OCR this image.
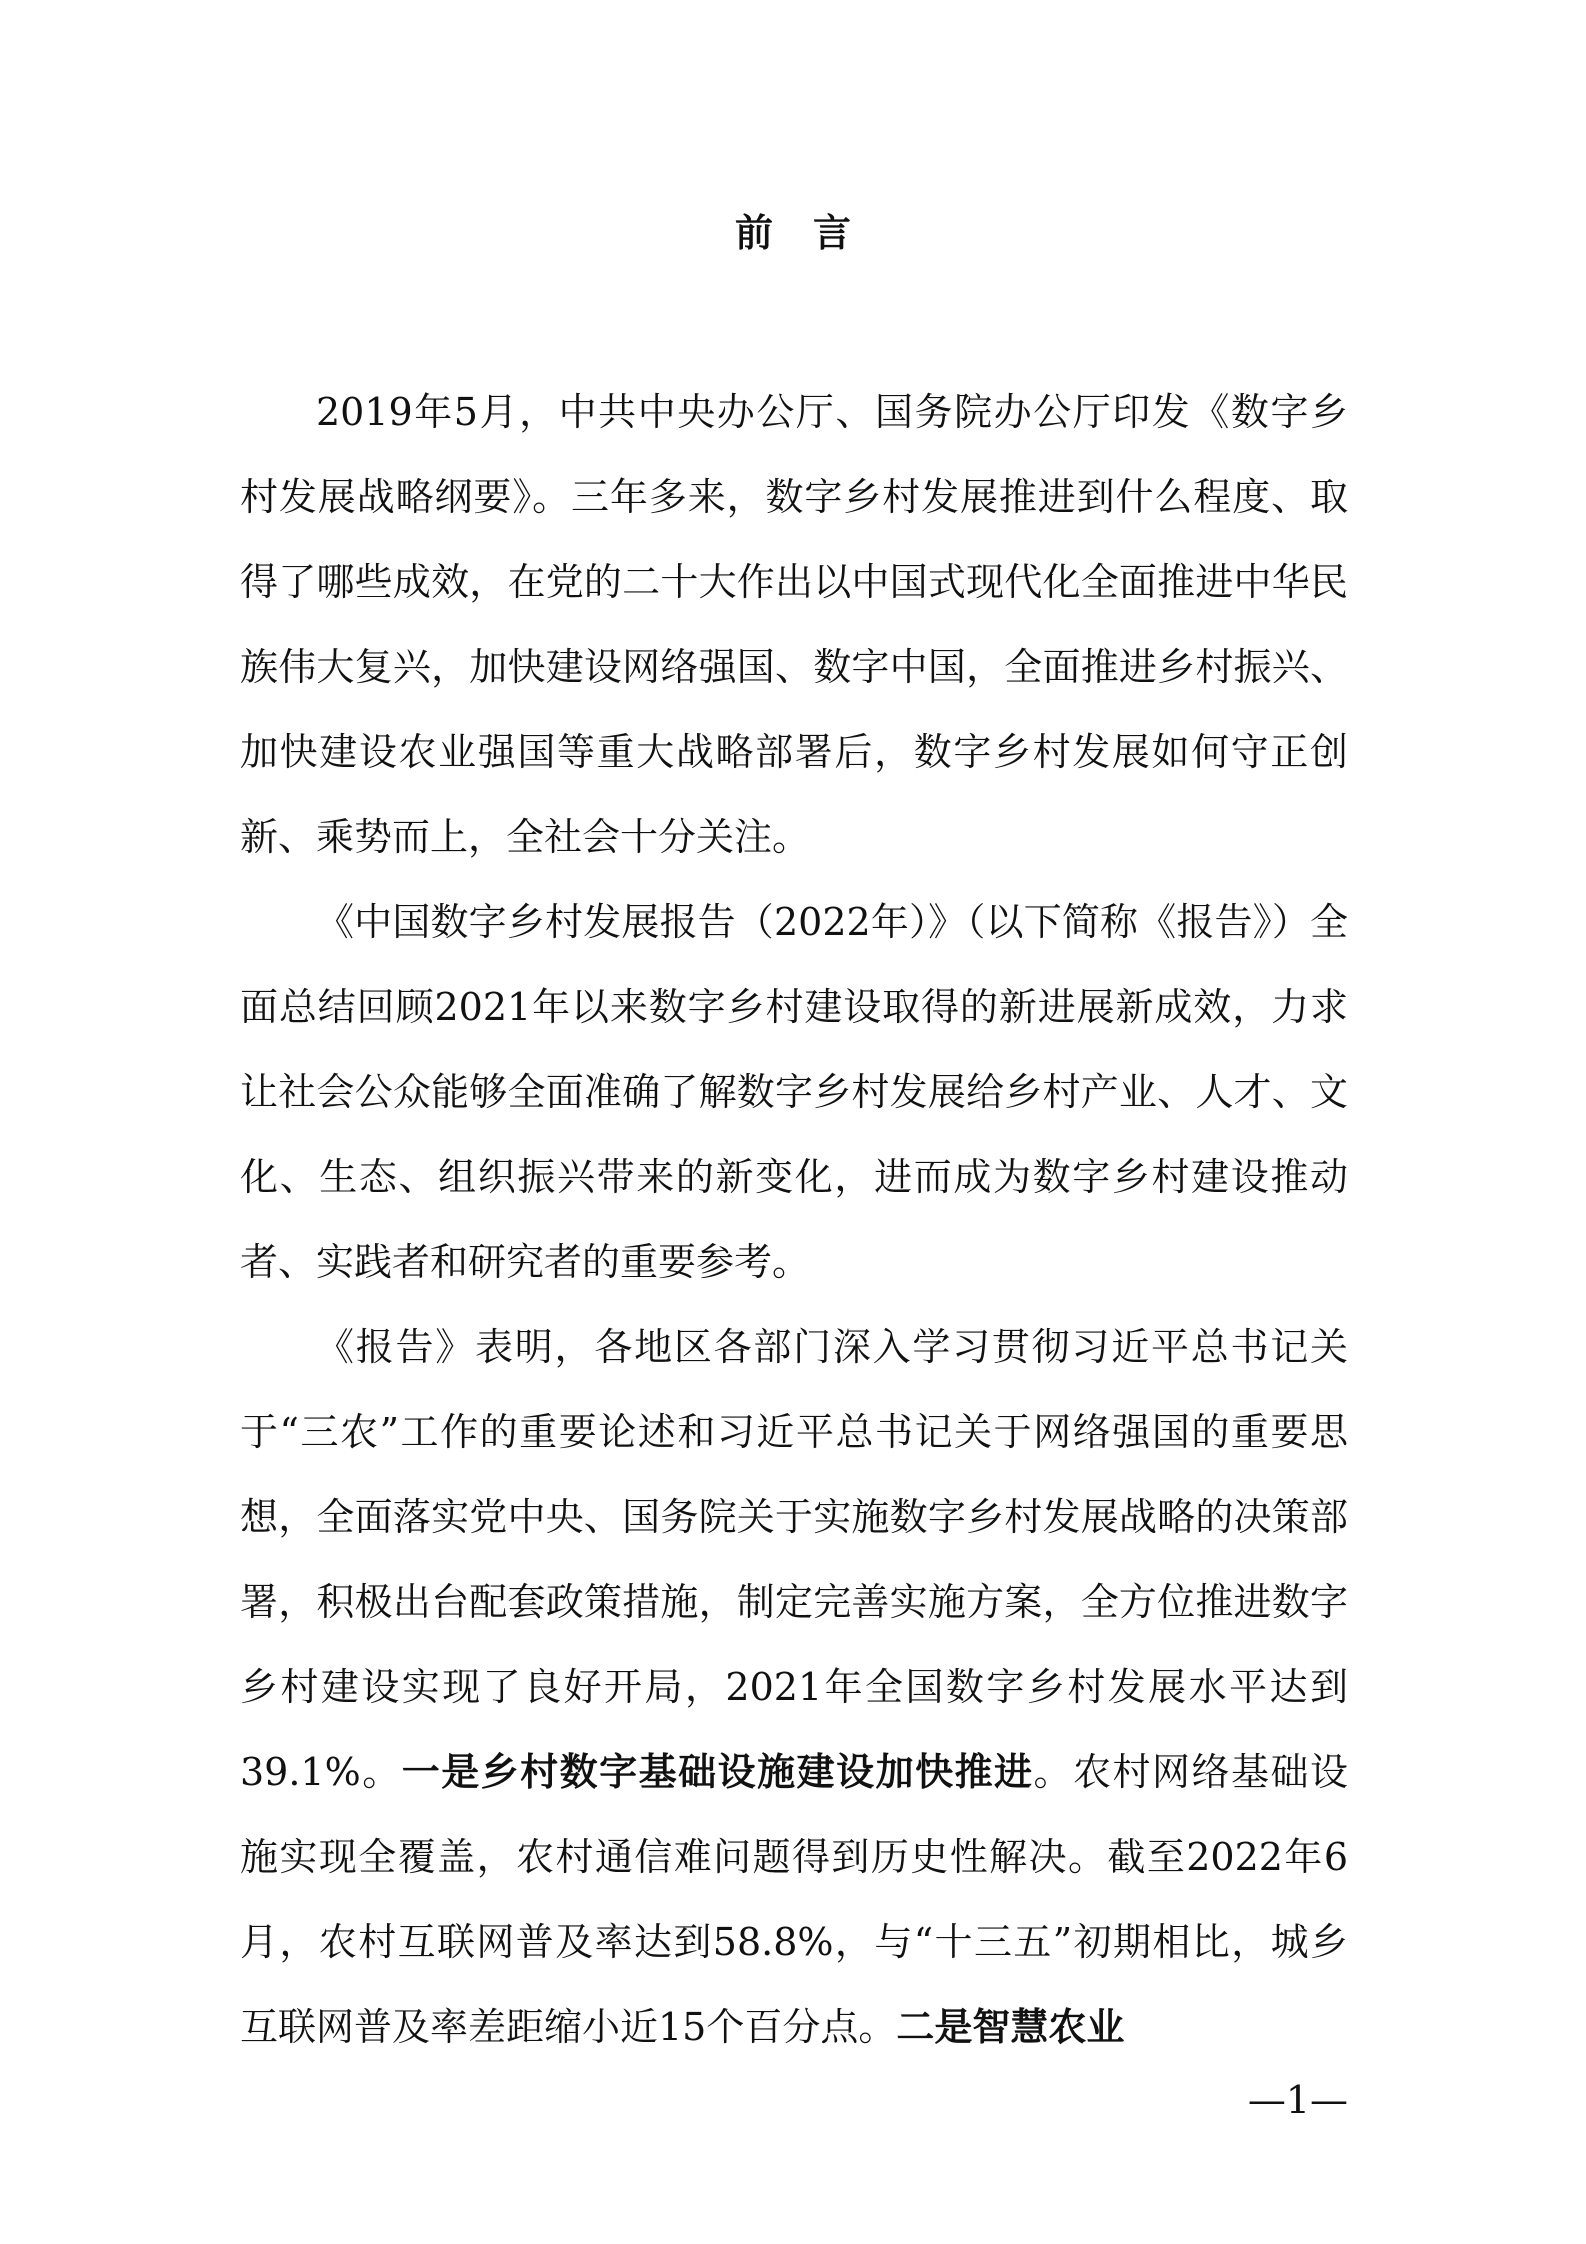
前言

2019年5月，中共中央办公厅、国务院办公厅印发《数字乡村发展战略纲要》。三年多来，数字乡村发展推进到什么程度、取得了哪些成效，在党的二十大作出以中国式现代化全面推进中华民族伟大复兴，加快建设网络强国、数字中国，全面推进乡村振兴、加快建设农业强国等重大战略部署后，数字乡村发展如何守正创新、乘势而上，全社会十分关注。

《中国数字乡村发展报告（2022年）》（以下简称《报告》）全面总结回顾2021年以来数字乡村建设取得的新进展新成效，力求让社会公众能够全面准确了解数字乡村发展给乡村产业、人才、文化、生态、组织振兴带来的新变化，进而成为数字乡村建设推动者、实践者和研究者的重要参考。

《报告》表明，各地区各部门深入学习贯彻习近平总书记关于“三农”工作的重要论述和习近平总书记关于网络强国的重要思想，全面落实党中央、国务院关于实施数字乡村发展战略的决策部署，积极出台配套政策措施，制定完善实施方案，全方位推进数字乡村建设实现了良好开局，2021年全国数字乡村发展水平达到39.1%。一是乡村数字基础设施建设加快推进。农村网络基础设施实现全覆盖，农村通信难问题得到历史性解决。截至2022年6月，农村互联网普及率达到58.8%，与“十三五”初期相比，城乡互联网普及率差距缩小近15个百分点。二是智慧农业

—1—
